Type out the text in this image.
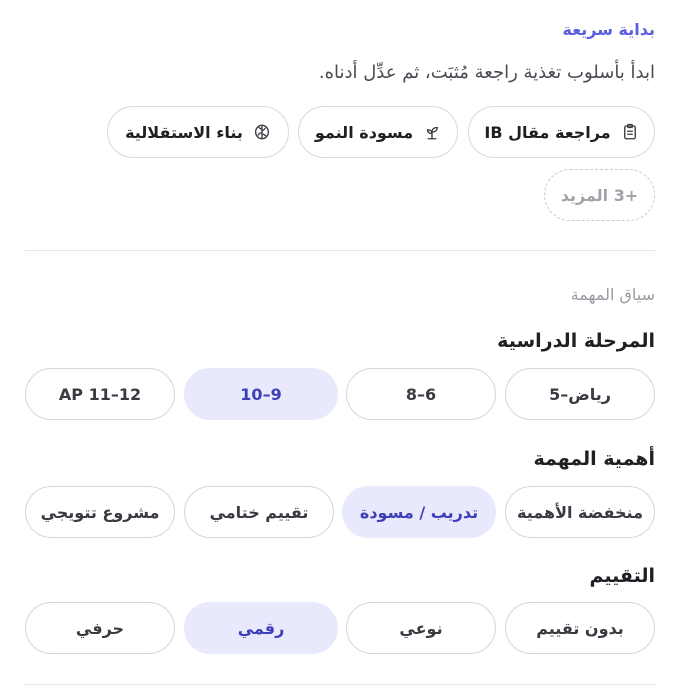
بداية سريعة
ابدأ بأسلوب تغذية راجعة مُثبَت، ثم عدِّل أدناه.
مراجعة مقال IB
مسودة النمو
بناء الاستقلالية
+3 المزيد
سياق المهمة
المرحلة الدراسية
رياض–5
6–8
9–10
AP 11–12
أهمية المهمة
منخفضة الأهمية
تدريب / مسودة
تقييم ختامي
مشروع تتويجي
التقييم
بدون تقييم
نوعي
رقمي
حرفي
